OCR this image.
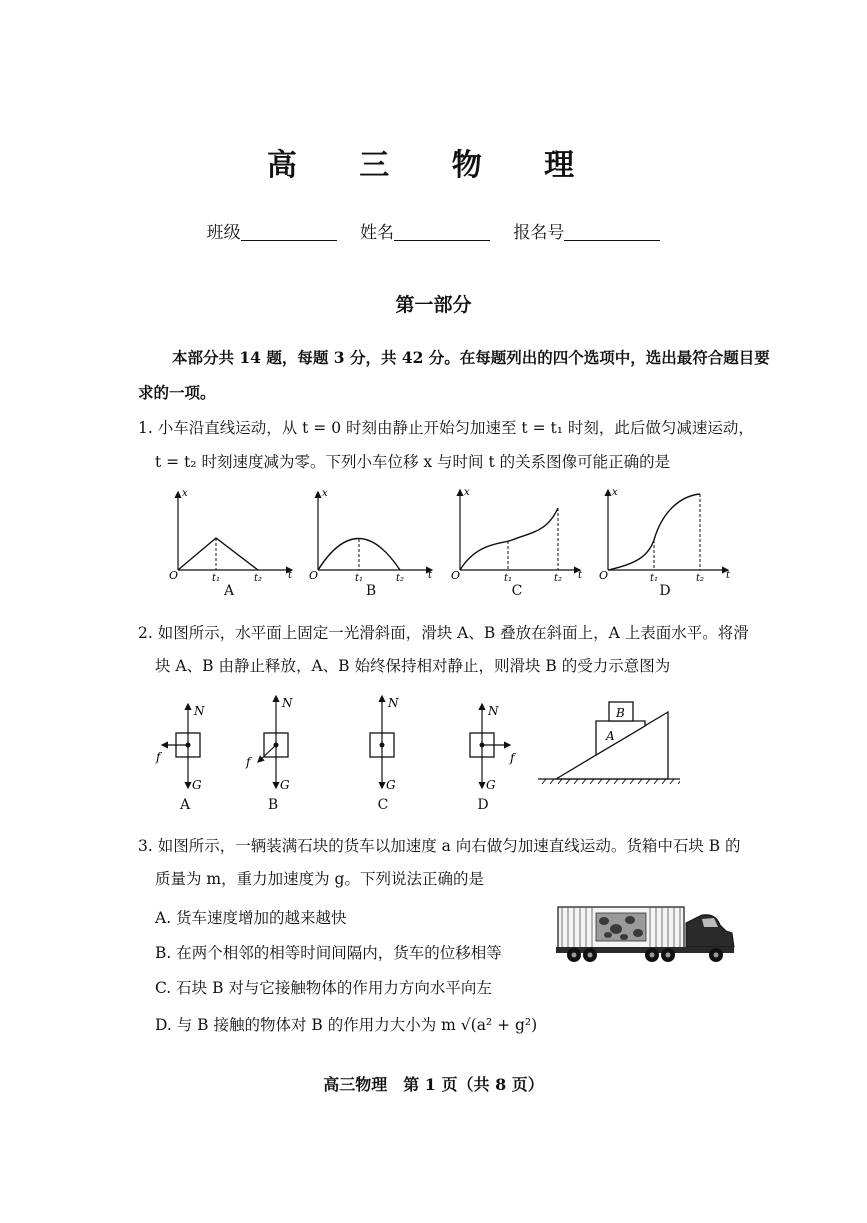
高 三 物 理
班级	姓名	报名号
第一部分
本部分共 14 题，每题 3 分，共 42 分。在每题列出的四个选项中，选出最符合题目要
求的一项。
1. 小车沿直线运动，从 t = 0 时刻由静止开始匀加速至 t = t₁ 时刻，此后做匀减速运动，
t = t₂ 时刻速度减为零。下列小车位移 x 与时间 t 的关系图像可能正确的是
x
O	t₁	t₂	t
x
O	t₁	t₂ t
x
O	t₁	t₂ t
x
O	t₁	t₂ t
A	B	C	D
2. 如图所示，水平面上固定一光滑斜面，滑块 A、B 叠放在斜面上，A 上表面水平。将滑
块 A、B 由静止释放，A、B 始终保持相对静止，则滑块 B 的受力示意图为
N
G
f
N
G
f
N
G
N
G
f
B
A
A	B	C	D
3. 如图所示，一辆装满石块的货车以加速度 a 向右做匀加速直线运动。货箱中石块 B 的
质量为 m，重力加速度为 g。下列说法正确的是
A. 货车速度增加的越来越快
B. 在两个相邻的相等时间间隔内，货车的位移相等
C. 石块 B 对与它接触物体的作用力方向水平向左
D. 与 B 接触的物体对 B 的作用力大小为 m √(a² + g²)
高三物理　第 1 页（共 8 页）
